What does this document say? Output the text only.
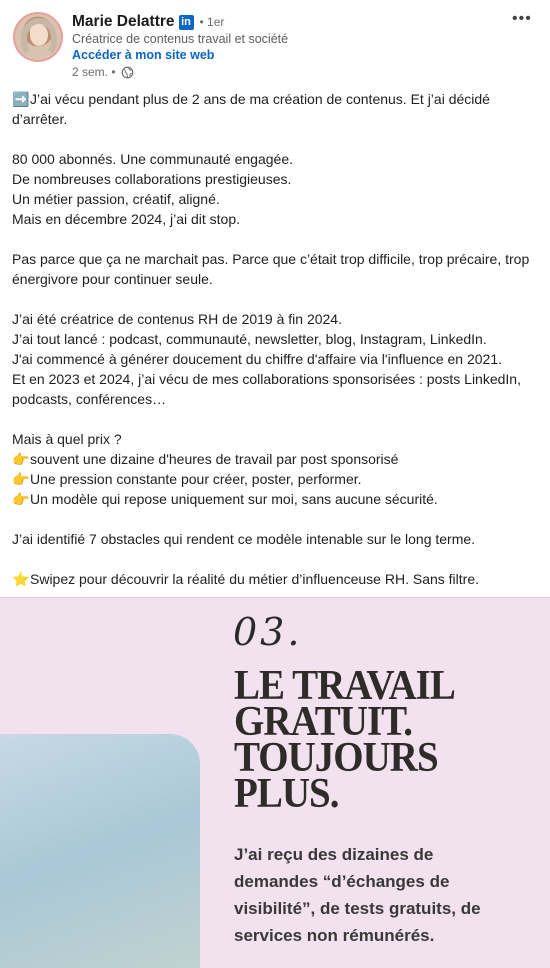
Marie Delattre in • 1er
Créatrice de contenus travail et société
Accéder à mon site web
2 sem. •
•••

➡️J’ai vécu pendant plus de 2 ans de ma création de contenus. Et j’ai décidé d’arrêter.

80 000 abonnés. Une communauté engagée.
De nombreuses collaborations prestigieuses.
Un métier passion, créatif, aligné.
Mais en décembre 2024, j’ai dit stop.

Pas parce que ça ne marchait pas. Parce que c’était trop difficile, trop précaire, trop énergivore pour continuer seule.

J’ai été créatrice de contenus RH de 2019 à fin 2024.
J’ai tout lancé : podcast, communauté, newsletter, blog, Instagram, LinkedIn.
J'ai commencé à générer doucement du chiffre d'affaire via l'influence en 2021.
Et en 2023 et 2024, j’ai vécu de mes collaborations sponsorisées : posts LinkedIn, podcasts, conférences…

Mais à quel prix ?
👉souvent une dizaine d'heures de travail par post sponsorisé
👉Une pression constante pour créer, poster, performer.
👉Un modèle qui repose uniquement sur moi, sans aucune sécurité.

J’ai identifié 7 obstacles qui rendent ce modèle intenable sur le long terme.

⭐Swipez pour découvrir la réalité du métier d’influenceuse RH. Sans filtre.

03.
LE TRAVAIL
GRATUIT.
TOUJOURS
PLUS.
J’ai reçu des dizaines de
demandes “d’échanges de
visibilité”, de tests gratuits, de
services non rémunérés.
